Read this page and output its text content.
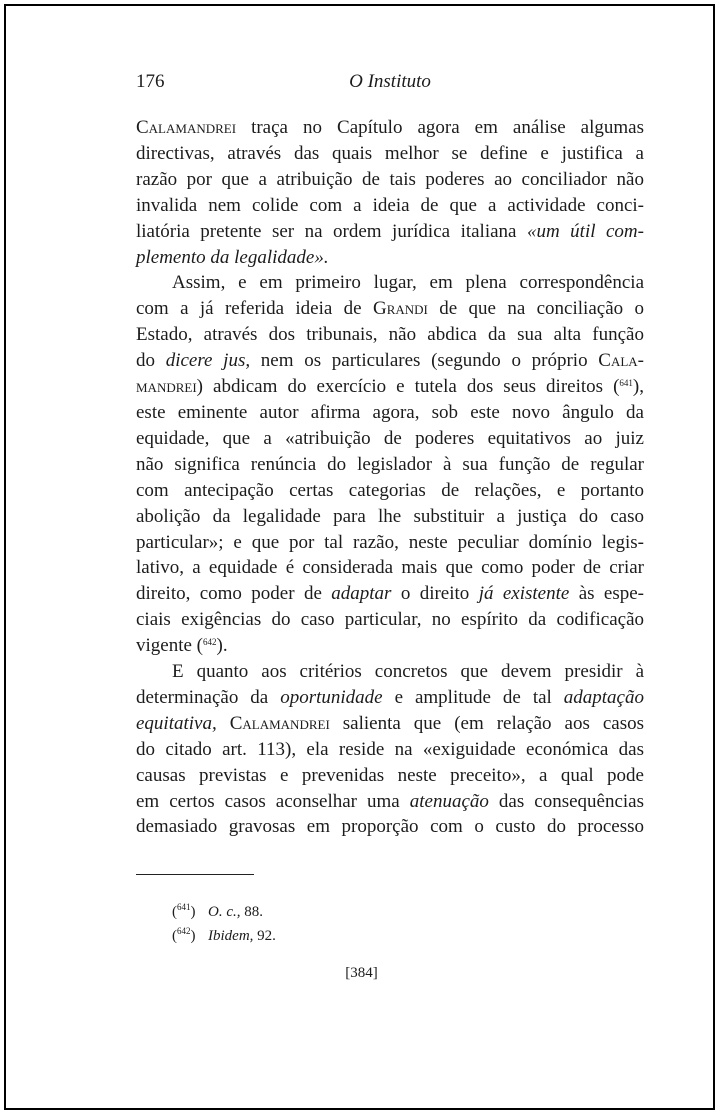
176	O Instituto
Calamandrei traça no Capítulo agora em análise algumas
directivas, através das quais melhor se define e justifica a
razão por que a atribuição de tais poderes ao conciliador não
invalida nem colide com a ideia de que a actividade conci-
liatória pretente ser na ordem jurídica italiana «um útil com-
plemento da legalidade».
Assim, e em primeiro lugar, em plena correspondência
com a já referida ideia de Grandi de que na conciliação o
Estado, através dos tribunais, não abdica da sua alta função
do dicere jus, nem os particulares (segundo o próprio Cala-
mandrei) abdicam do exercício e tutela dos seus direitos ($^{641}$),
este eminente autor afirma agora, sob este novo ângulo da
equidade, que a «atribuição de poderes equitativos ao juiz
não significa renúncia do legislador à sua função de regular
com antecipação certas categorias de relações, e portanto
abolição da legalidade para lhe substituir a justiça do caso
particular»; e que por tal razão, neste peculiar domínio legis-
lativo, a equidade é considerada mais que como poder de criar
direito, como poder de adaptar o direito já existente às espe-
ciais exigências do caso particular, no espírito da codificação
vigente ($^{642}$).
E quanto aos critérios concretos que devem presidir à
determinação da oportunidade e amplitude de tal adaptação
equitativa, Calamandrei salienta que (em relação aos casos
do citado art. 113), ela reside na «exiguidade económica das
causas previstas e prevenidas neste preceito», a qual pode
em certos casos aconselhar uma atenuação das consequências
demasiado gravosas em proporção com o custo do processo
($^{641}$) O. c., 88.
($^{642}$) Ibidem, 92.
[384]
